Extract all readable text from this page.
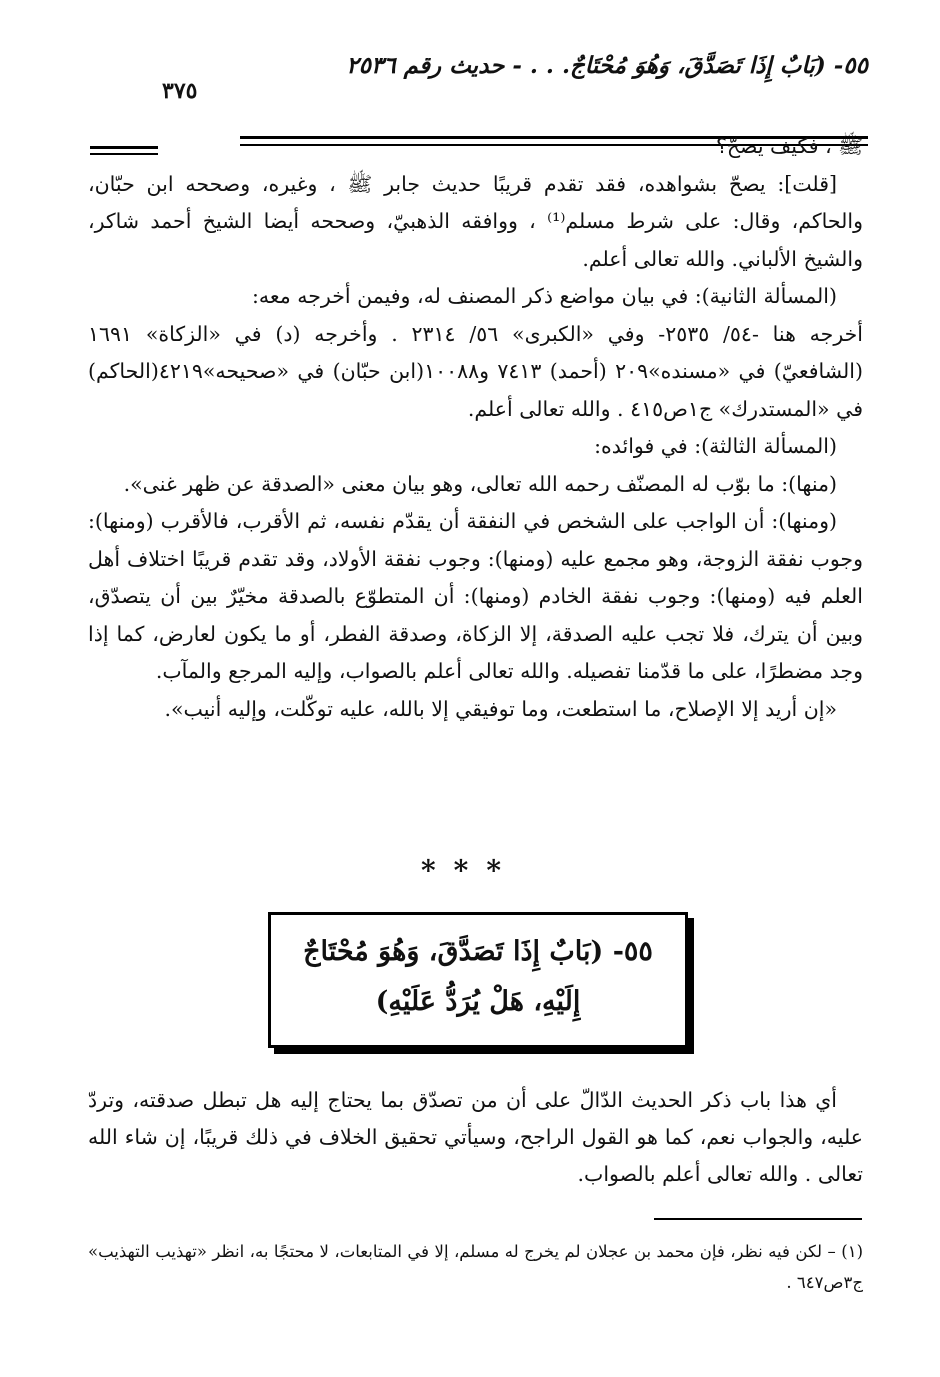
٥٥- (بَابٌ إِذَا تَصَدَّقَ، وَهُوَ مُحْتَاجٌ. . . - حديث رقم ٢٥٣٦
٣٧٥

ﷺ ، فكيف يصحّ؟

[قلت]: يصحّ بشواهده، فقد تقدم قريبًا حديث جابر ﷺ ، وغيره، وصححه ابن حبّان، والحاكم، وقال: على شرط مسلم⁽¹⁾ ، ووافقه الذهبيّ، وصححه أيضا الشيخ أحمد شاكر، والشيخ الألباني. والله تعالى أعلم.

(المسألة الثانية): في بيان مواضع ذكر المصنف له، وفيمن أخرجه معه:

أخرجه هنا -٥٤/ ٢٥٣٥- وفي «الكبرى» ٥٦/ ٢٣١٤ . وأخرجه (د) في «الزكاة» ١٦٩١ (الشافعيّ) في «مسنده»٢٠٩ (أحمد) ٧٤١٣ و١٠٠٨٨(ابن حبّان) في «صحيحه»٤٢١٩(الحاكم) في «المستدرك» ج١ص٤١٥ . والله تعالى أعلم.

(المسألة الثالثة): في فوائده:

(منها): ما بوّب له المصنّف رحمه الله تعالى، وهو بيان معنى «الصدقة عن ظهر غنى».

(ومنها): أن الواجب على الشخص في النفقة أن يقدّم نفسه، ثم الأقرب، فالأقرب (ومنها): وجوب نفقة الزوجة، وهو مجمع عليه (ومنها): وجوب نفقة الأولاد، وقد تقدم قريبًا اختلاف أهل العلم فيه (ومنها): وجوب نفقة الخادم (ومنها): أن المتطوّع بالصدقة مخيّرٌ بين أن يتصدّق، وبين أن يترك، فلا تجب عليه الصدقة، إلا الزكاة، وصدقة الفطر، أو ما يكون لعارض، كما إذا وجد مضطرًا، على ما قدّمنا تفصيله. والله تعالى أعلم بالصواب، وإليه المرجع والمآب.

«إن أريد إلا الإصلاح، ما استطعت، وما توفيقي إلا بالله، عليه توكّلت، وإليه أنيب».

***
٥٥- (بَابٌ إِذَا تَصَدَّقَ، وَهُوَ مُحْتَاجٌ
إِلَيْهِ، هَلْ يُرَدُّ عَلَيْهِ)

أي هذا باب ذكر الحديث الدّالّ على أن من تصدّق بما يحتاج إليه هل تبطل صدقته، وتردّ عليه، والجواب نعم، كما هو القول الراجح، وسيأتي تحقيق الخلاف في ذلك قريبًا، إن شاء الله تعالى . والله تعالى أعلم بالصواب.

(١) – لكن فيه نظر، فإن محمد بن عجلان لم يخرج له مسلم، إلا في المتابعات، لا محتجًا به، انظر «تهذيب التهذيب» ج٣ص٦٤٧ .
